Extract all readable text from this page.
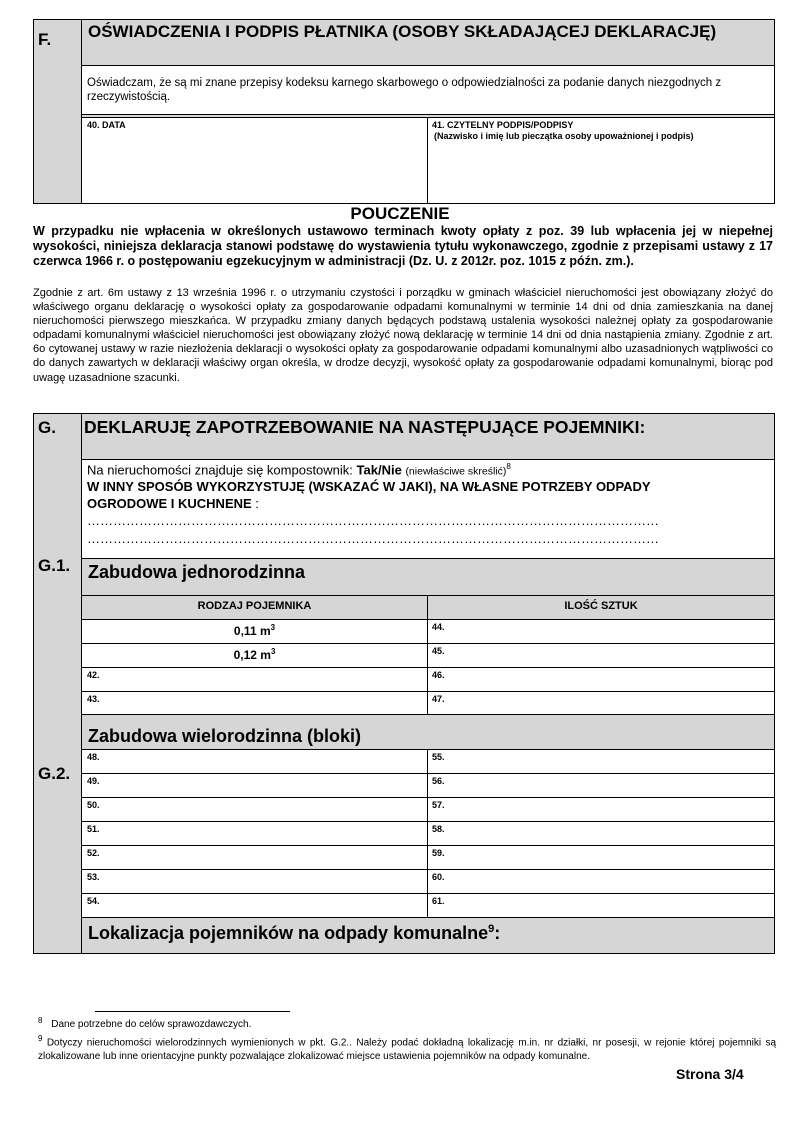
F. OŚWIADCZENIA I PODPIS PŁATNIKA (OSOBY SKŁADAJĄCEJ DEKLARACJĘ)
Oświadczam, że są mi znane przepisy kodeksu karnego skarbowego o odpowiedzialności za podanie danych niezgodnych z rzeczywistością.
40. DATA	41. CZYTELNY PODPIS/PODPISY
(Nazwisko i imię lub pieczątka osoby upoważnionej i podpis)
POUCZENIE
W przypadku nie wpłacenia w określonych ustawowo terminach kwoty opłaty z poz. 39 lub wpłacenia jej w niepełnej wysokości, niniejsza deklaracja stanowi podstawę do wystawienia tytułu wykonawczego, zgodnie z przepisami ustawy z 17 czerwca 1966 r. o postępowaniu egzekucyjnym w administracji (Dz. U. z 2012r. poz. 1015 z późn. zm.).
Zgodnie z art. 6m ustawy z 13 września 1996 r. o utrzymaniu czystości i porządku w gminach właściciel nieruchomości jest obowiązany złożyć do właściwego organu deklarację o wysokości opłaty za gospodarowanie odpadami komunalnymi w terminie 14 dni od dnia zamieszkania na danej nieruchomości pierwszego mieszkańca. W przypadku zmiany danych będących podstawą ustalenia wysokości należnej opłaty za gospodarowanie odpadami komunalnymi właściciel nieruchomości jest obowiązany złożyć nową deklarację w terminie 14 dni od dnia nastąpienia zmiany. Zgodnie z art. 6o cytowanej ustawy w razie niezłożenia deklaracji o wysokości opłaty za gospodarowanie odpadami komunalnymi albo uzasadnionych wątpliwości co do danych zawartych w deklaracji właściwy organ określa, w drodze decyzji, wysokość opłaty za gospodarowanie odpadami komunalnymi, biorąc pod uwagę uzasadnione szacunki.
G.
G.1.
G.2.
DEKLARUJĘ ZAPOTRZEBOWANIE NA NASTĘPUJĄCE POJEMNIKI:
Na nieruchomości znajduje się kompostownik: Tak/Nie (niewłaściwe skreślić)$^8$
W INNY SPOSÓB WYKORZYSTUJĘ (WSKAZAĆ W JAKI), NA WŁASNE POTRZEBY ODPADY OGRODOWE I KUCHNENE :
……………………………………………………………………………………………………………………
……………………………………………………………………………………………………………………
Zabudowa jednorodzinna
RODZAJ POJEMNIKA	ILOŚĆ SZTUK
0,11 $m^3$	44.
0,12 $m^3$	45.
42.	46.
43.	47.
Zabudowa wielorodzinna (bloki)
48.	55.
49.	56.
50.	57.
51.	58.
52.	59.
53.	60.
54.	61.
Lokalizacja pojemników na odpady komunalne$^9$:
$^8$ Dane potrzebne do celów sprawozdawczych.
$^9$ Dotyczy nieruchomości wielorodzinnych wymienionych w pkt. G.2.. Należy podać dokładną lokalizację m.in. nr działki, nr posesji, w rejonie której pojemniki są zlokalizowane lub inne orientacyjne punkty pozwalające zlokalizować miejsce ustawienia pojemników na odpady komunalne.
Strona 3/4
